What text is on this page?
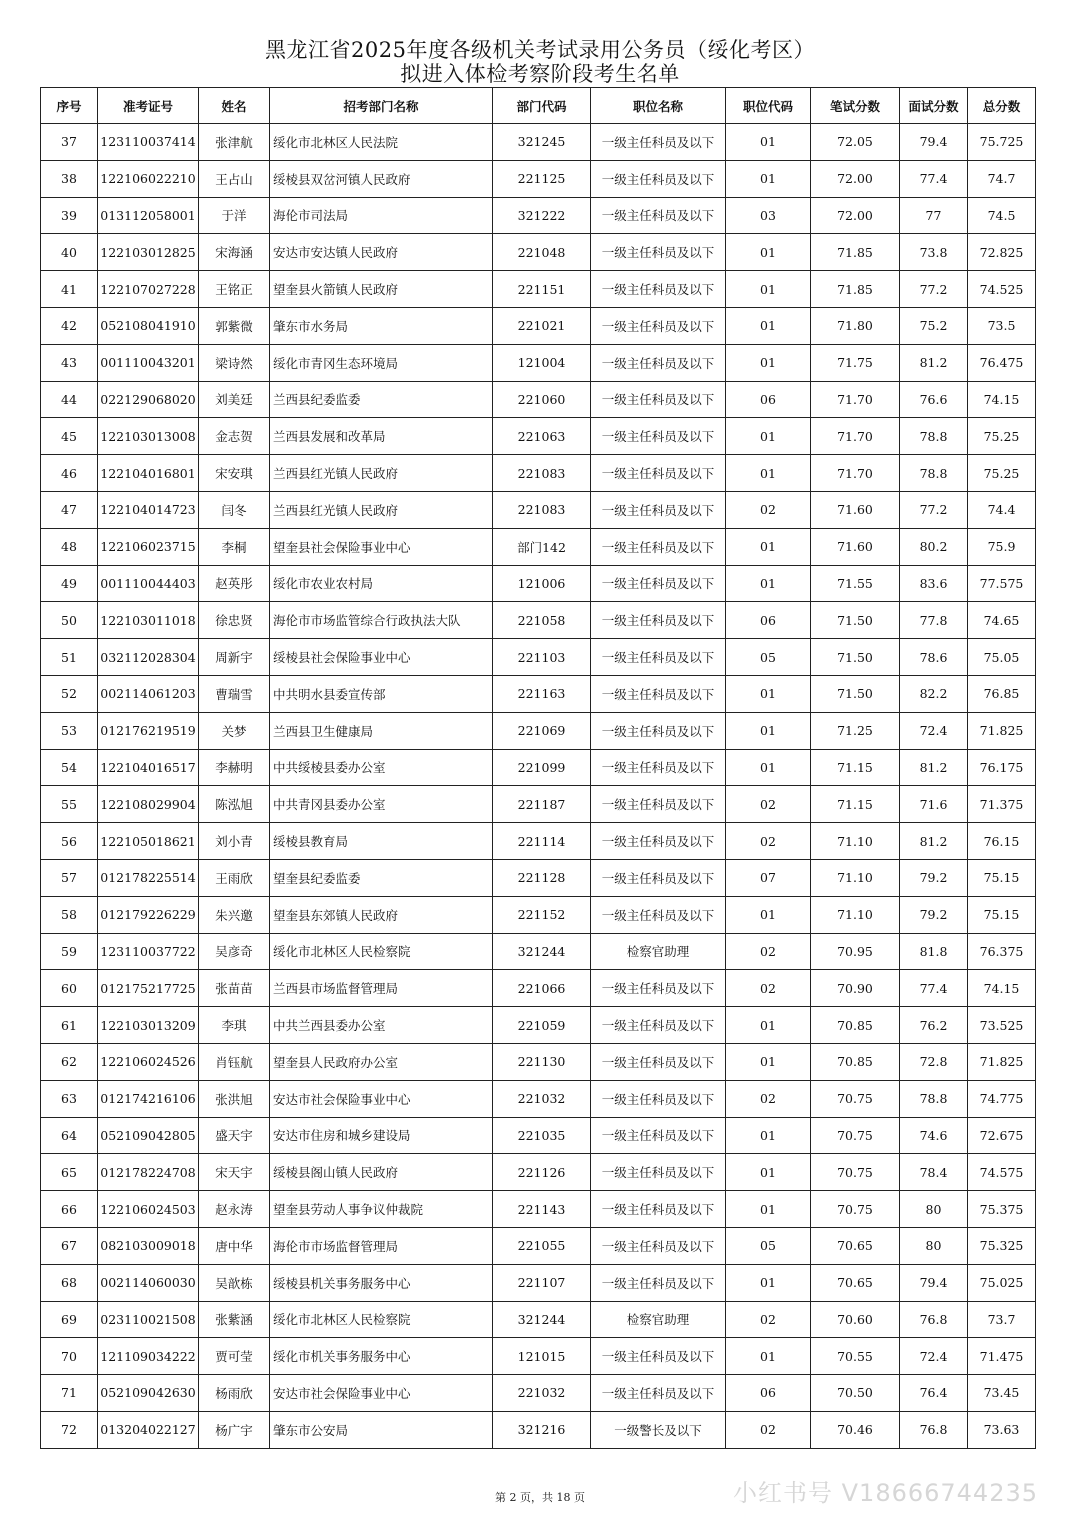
黑龙江省2025年度各级机关考试录用公务员（绥化考区）
拟进入体检考察阶段考生名单
序号	准考证号	姓名	招考部门名称	部门代码	职位名称	职位代码	笔试分数	面试分数	总分数
37	123110037414	张津航	绥化市北林区人民法院	321245	一级主任科员及以下	01	72.05	79.4	75.725
38	122106022210	王占山	绥棱县双岔河镇人民政府	221125	一级主任科员及以下	01	72.00	77.4	74.7
39	013112058001	于洋	海伦市司法局	321222	一级主任科员及以下	03	72.00	77	74.5
40	122103012825	宋海涵	安达市安达镇人民政府	221048	一级主任科员及以下	01	71.85	73.8	72.825
41	122107027228	王铭正	望奎县火箭镇人民政府	221151	一级主任科员及以下	01	71.85	77.2	74.525
42	052108041910	郭紫微	肇东市水务局	221021	一级主任科员及以下	01	71.80	75.2	73.5
43	001110043201	梁诗然	绥化市青冈生态环境局	121004	一级主任科员及以下	01	71.75	81.2	76.475
44	022129068020	刘美廷	兰西县纪委监委	221060	一级主任科员及以下	06	71.70	76.6	74.15
45	122103013008	金志贺	兰西县发展和改革局	221063	一级主任科员及以下	01	71.70	78.8	75.25
46	122104016801	宋安琪	兰西县红光镇人民政府	221083	一级主任科员及以下	01	71.70	78.8	75.25
47	122104014723	闫冬	兰西县红光镇人民政府	221083	一级主任科员及以下	02	71.60	77.2	74.4
48	122106023715	李桐	望奎县社会保险事业中心	部门142	一级主任科员及以下	01	71.60	80.2	75.9
49	001110044403	赵英彤	绥化市农业农村局	121006	一级主任科员及以下	01	71.55	83.6	77.575
50	122103011018	徐忠贤	海伦市市场监管综合行政执法大队	221058	一级主任科员及以下	06	71.50	77.8	74.65
51	032112028304	周新宇	绥棱县社会保险事业中心	221103	一级主任科员及以下	05	71.50	78.6	75.05
52	002114061203	曹瑞雪	中共明水县委宣传部	221163	一级主任科员及以下	01	71.50	82.2	76.85
53	012176219519	关梦	兰西县卫生健康局	221069	一级主任科员及以下	01	71.25	72.4	71.825
54	122104016517	李赫明	中共绥棱县委办公室	221099	一级主任科员及以下	01	71.15	81.2	76.175
55	122108029904	陈泓旭	中共青冈县委办公室	221187	一级主任科员及以下	02	71.15	71.6	71.375
56	122105018621	刘小青	绥棱县教育局	221114	一级主任科员及以下	02	71.10	81.2	76.15
57	012178225514	王雨欣	望奎县纪委监委	221128	一级主任科员及以下	07	71.10	79.2	75.15
58	012179226229	朱兴邀	望奎县东郊镇人民政府	221152	一级主任科员及以下	01	71.10	79.2	75.15
59	123110037722	吴彦奇	绥化市北林区人民检察院	321244	检察官助理	02	70.95	81.8	76.375
60	012175217725	张苗苗	兰西县市场监督管理局	221066	一级主任科员及以下	02	70.90	77.4	74.15
61	122103013209	李琪	中共兰西县委办公室	221059	一级主任科员及以下	01	70.85	76.2	73.525
62	122106024526	肖钰航	望奎县人民政府办公室	221130	一级主任科员及以下	01	70.85	72.8	71.825
63	012174216106	张洪旭	安达市社会保险事业中心	221032	一级主任科员及以下	02	70.75	78.8	74.775
64	052109042805	盛天宇	安达市住房和城乡建设局	221035	一级主任科员及以下	01	70.75	74.6	72.675
65	012178224708	宋天宇	绥棱县阁山镇人民政府	221126	一级主任科员及以下	01	70.75	78.4	74.575
66	122106024503	赵永涛	望奎县劳动人事争议仲裁院	221143	一级主任科员及以下	01	70.75	80	75.375
67	082103009018	唐中华	海伦市市场监督管理局	221055	一级主任科员及以下	05	70.65	80	75.325
68	002114060030	吴歆栋	绥棱县机关事务服务中心	221107	一级主任科员及以下	01	70.65	79.4	75.025
69	023110021508	张紫涵	绥化市北林区人民检察院	321244	检察官助理	02	70.60	76.8	73.7
70	121109034222	贾可莹	绥化市机关事务服务中心	121015	一级主任科员及以下	01	70.55	72.4	71.475
71	052109042630	杨雨欣	安达市社会保险事业中心	221032	一级主任科员及以下	06	70.50	76.4	73.45
72	013204022127	杨广宇	肇东市公安局	321216	一级警长及以下	02	70.46	76.8	73.63
第 2 页，共 18 页	小红书号 V18666744235
